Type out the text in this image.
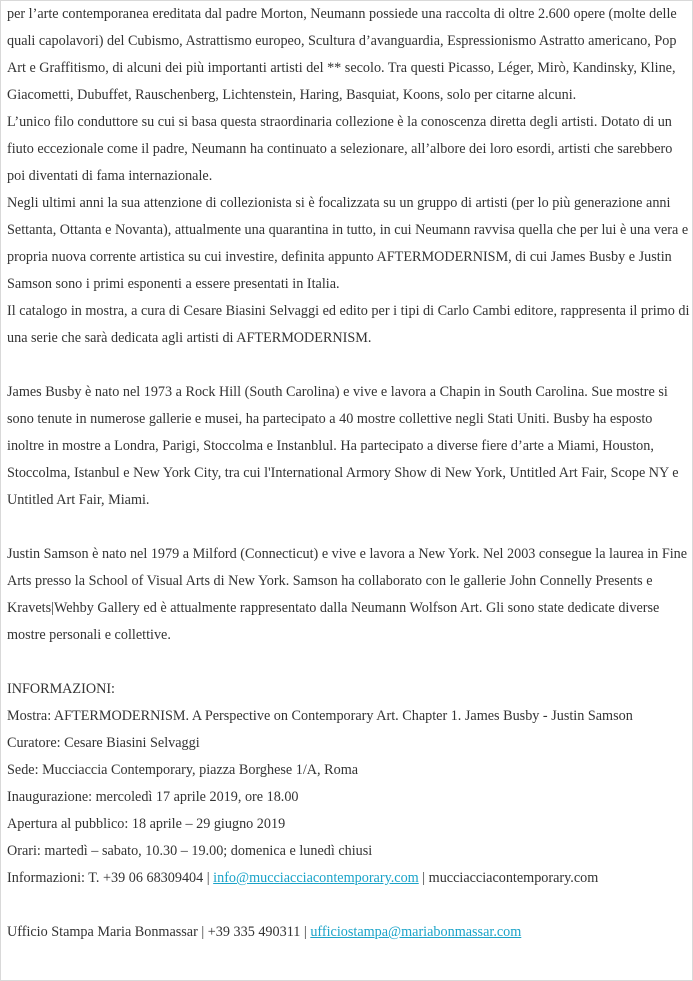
per l’arte contemporanea ereditata dal padre Morton, Neumann possiede una raccolta di oltre 2.600 opere (molte delle quali capolavori) del Cubismo, Astrattismo europeo, Scultura d’avanguardia, Espressionismo Astratto americano, Pop Art e Graffitismo, di alcuni dei più importanti artisti del ** secolo. Tra questi Picasso, Léger, Mirò, Kandinsky, Kline, Giacometti, Dubuffet, Rauschenberg, Lichtenstein, Haring, Basquiat, Koons, solo per citarne alcuni.

L’unico filo conduttore su cui si basa questa straordinaria collezione è la conoscenza diretta degli artisti. Dotato di un fiuto eccezionale come il padre, Neumann ha continuato a selezionare, all’albore dei loro esordi, artisti che sarebbero poi diventati di fama internazionale.

Negli ultimi anni la sua attenzione di collezionista si è focalizzata su un gruppo di artisti (per lo più generazione anni Settanta, Ottanta e Novanta), attualmente una quarantina in tutto, in cui Neumann ravvisa quella che per lui è una vera e propria nuova corrente artistica su cui investire, definita appunto AFTERMODERNISM, di cui James Busby e Justin Samson sono i primi esponenti a essere presentati in Italia.

Il catalogo in mostra, a cura di Cesare Biasini Selvaggi ed edito per i tipi di Carlo Cambi editore, rappresenta il primo di una serie che sarà dedicata agli artisti di AFTERMODERNISM.

James Busby è nato nel 1973 a Rock Hill (South Carolina) e vive e lavora a Chapin in South Carolina. Sue mostre si sono tenute in numerose gallerie e musei, ha partecipato a 40 mostre collettive negli Stati Uniti. Busby ha esposto inoltre in mostre a Londra, Parigi, Stoccolma e Instanblul. Ha partecipato a diverse fiere d’arte a Miami, Houston, Stoccolma, Istanbul e New York City, tra cui l'International Armory Show di New York, Untitled Art Fair, Scope NY e Untitled Art Fair, Miami.

Justin Samson è nato nel 1979 a Milford (Connecticut) e vive e lavora a New York. Nel 2003 consegue la laurea in Fine Arts presso la School of Visual Arts di New York. Samson ha collaborato con le gallerie John Connelly Presents e Kravets|Wehby Gallery ed è attualmente rappresentato dalla Neumann Wolfson Art. Gli sono state dedicate diverse mostre personali e collettive.

INFORMAZIONI:

Mostra: AFTERMODERNISM. A Perspective on Contemporary Art. Chapter 1. James Busby - Justin Samson

Curatore: Cesare Biasini Selvaggi

Sede: Mucciaccia Contemporary, piazza Borghese 1/A, Roma

Inaugurazione: mercoledì 17 aprile 2019, ore 18.00

Apertura al pubblico: 18 aprile – 29 giugno 2019

Orari: martedì – sabato, 10.30 – 19.00; domenica e lunedì chiusi

Informazioni: T. +39 06 68309404 | info@mucciacciacontemporary.com | mucciacciacontemporary.com

Ufficio Stampa Maria Bonmassar | +39 335 490311 | ufficiostampa@mariabonmassar.com
